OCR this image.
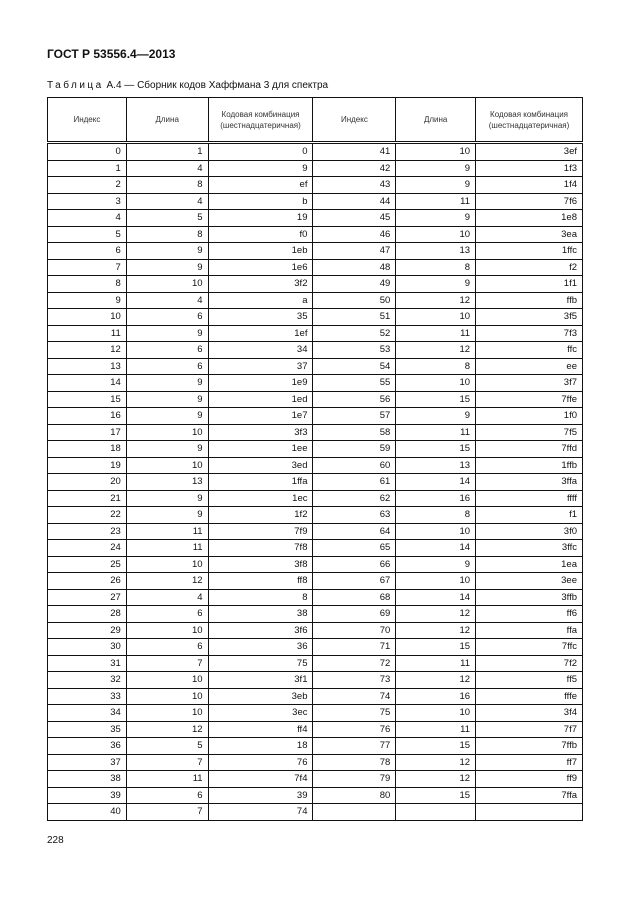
ГОСТ Р 53556.4—2013
Таблица А.4 — Сборник кодов Хаффмана 3 для спектра
Индекс	Длина	Кодовая комбинация (шестнадцатеричная)	Индекс	Длина	Кодовая комбинация (шестнадцатеричная)
0	1	0	41	10	3ef
1	4	9	42	9	1f3
2	8	ef	43	9	1f4
3	4	b	44	11	7f6
4	5	19	45	9	1e8
5	8	f0	46	10	3ea
6	9	1eb	47	13	1ffc
7	9	1e6	48	8	f2
8	10	3f2	49	9	1f1
9	4	a	50	12	ffb
10	6	35	51	10	3f5
11	9	1ef	52	11	7f3
12	6	34	53	12	ffc
13	6	37	54	8	ee
14	9	1e9	55	10	3f7
15	9	1ed	56	15	7ffe
16	9	1e7	57	9	1f0
17	10	3f3	58	11	7f5
18	9	1ee	59	15	7ffd
19	10	3ed	60	13	1ffb
20	13	1ffa	61	14	3ffa
21	9	1ec	62	16	ffff
22	9	1f2	63	8	f1
23	11	7f9	64	10	3f0
24	11	7f8	65	14	3ffc
25	10	3f8	66	9	1ea
26	12	ff8	67	10	3ee
27	4	8	68	14	3ffb
28	6	38	69	12	ff6
29	10	3f6	70	12	ffa
30	6	36	71	15	7ffc
31	7	75	72	11	7f2
32	10	3f1	73	12	ff5
33	10	3eb	74	16	fffe
34	10	3ec	75	10	3f4
35	12	ff4	76	11	7f7
36	5	18	77	15	7ffb
37	7	76	78	12	ff7
38	11	7f4	79	12	ff9
39	6	39	80	15	7ffa
40	7	74			
228
